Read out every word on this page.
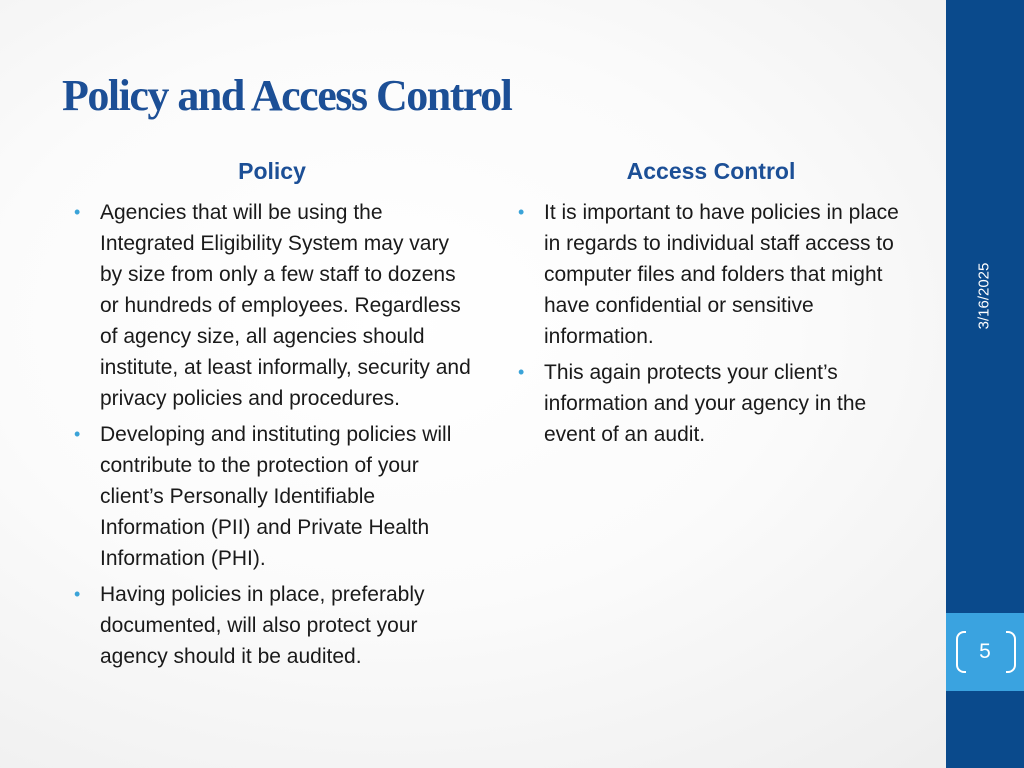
Policy and Access Control
Policy
• Agencies that will be using the Integrated Eligibility System may vary by size from only a few staff to dozens or hundreds of employees. Regardless of agency size, all agencies should institute, at least informally, security and privacy policies and procedures.
• Developing and instituting policies will contribute to the protection of your client’s Personally Identifiable Information (PII) and Private Health Information (PHI).
• Having policies in place, preferably documented, will also protect your agency should it be audited.
Access Control
• It is important to have policies in place in regards to individual staff access to computer files and folders that might have confidential or sensitive information.
• This again protects your client’s information and your agency in the event of an audit.
3/16/2025
5
